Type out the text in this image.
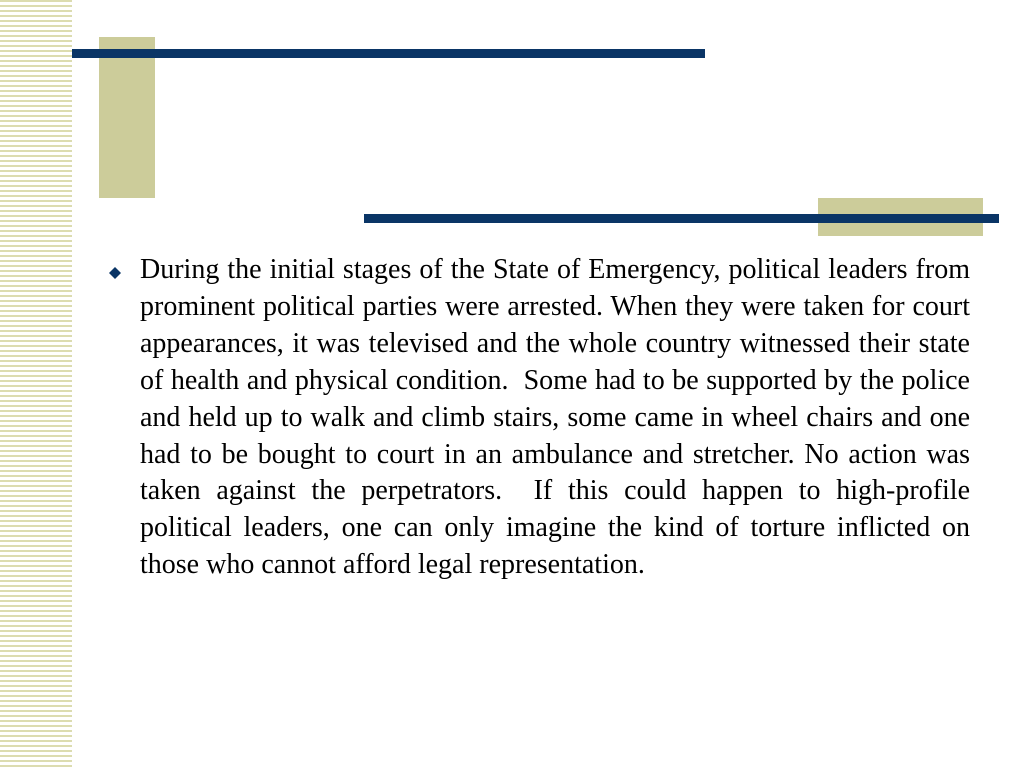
During the initial stages of the State of Emergency, political leaders from prominent political parties were arrested. When they were taken for court appearances, it was televised and the whole country witnessed their state of health and physical condition.  Some had to be supported by the police and held up to walk and climb stairs, some came in wheel chairs and one had to be bought to court in an ambulance and stretcher. No action was taken against the perpetrators.  If this could happen to high-profile political leaders, one can only imagine the kind of torture inflicted on those who cannot afford legal representation.
